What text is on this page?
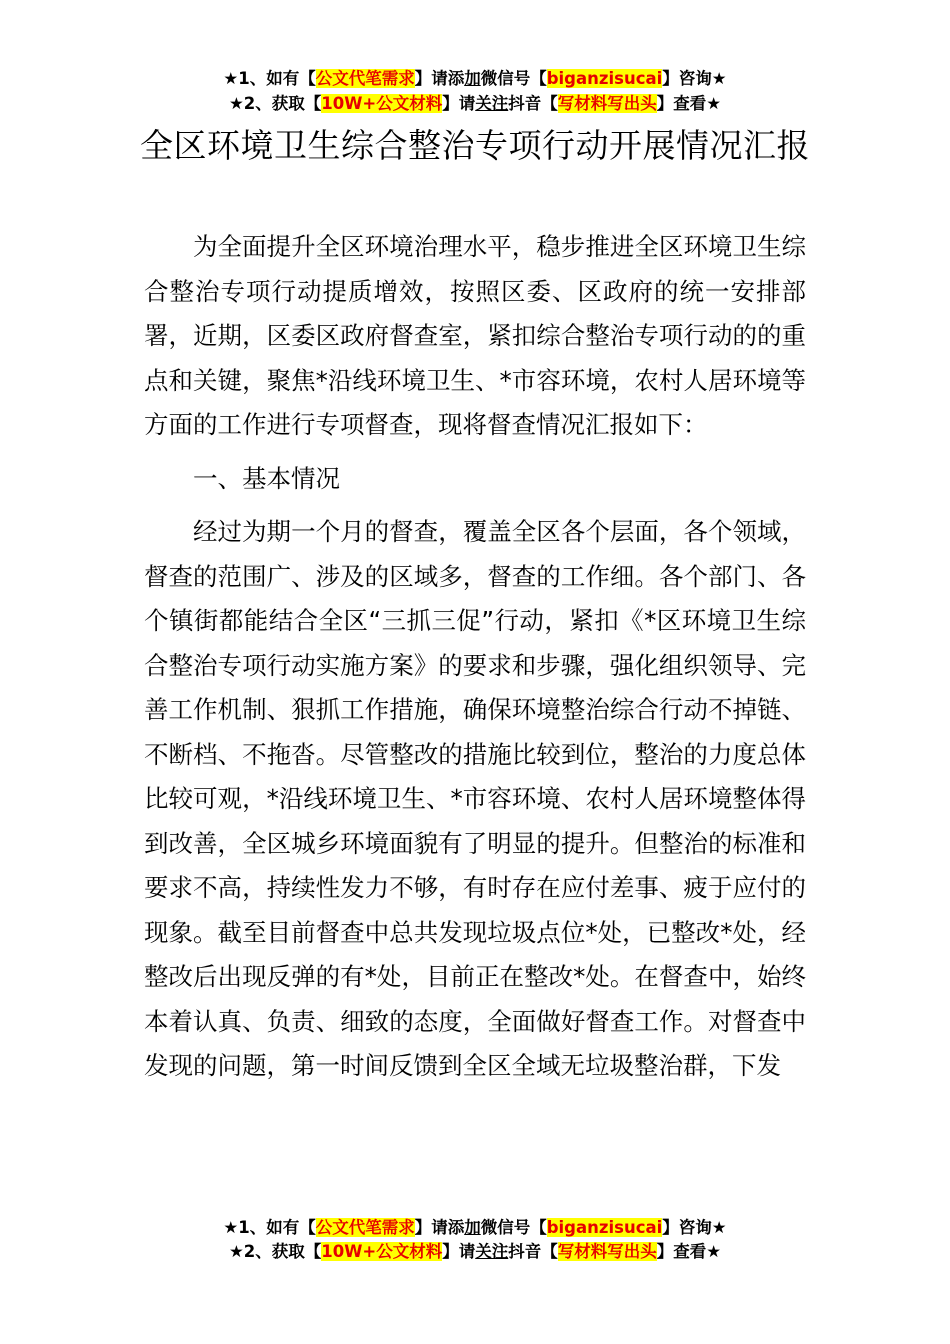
★1、如有【公文代笔需求】请添加微信号【biganzisucai】咨询★
★2、获取【10W+公文材料】请关注抖音【写材料写出头】查看★
全区环境卫生综合整治专项行动开展情况汇报

为全面提升全区环境治理水平，稳步推进全区环境卫生综合整治专项行动提质增效，按照区委、区政府的统一安排部署，近期，区委区政府督查室，紧扣综合整治专项行动的的重点和关键，聚焦*沿线环境卫生、*市容环境，农村人居环境等方面的工作进行专项督查，现将督查情况汇报如下：

一、基本情况

经过为期一个月的督查，覆盖全区各个层面，各个领域，督查的范围广、涉及的区域多，督查的工作细。各个部门、各个镇街都能结合全区“三抓三促”行动，紧扣《*区环境卫生综合整治专项行动实施方案》的要求和步骤，强化组织领导、完善工作机制、狠抓工作措施，确保环境整治综合行动不掉链、不断档、不拖沓。尽管整改的措施比较到位，整治的力度总体比较可观，*沿线环境卫生、*市容环境、农村人居环境整体得到改善，全区城乡环境面貌有了明显的提升。但整治的标准和要求不高，持续性发力不够，有时存在应付差事、疲于应付的现象。截至目前督查中总共发现垃圾点位*处，已整改*处，经整改后出现反弹的有*处，目前正在整改*处。在督查中，始终本着认真、负责、细致的态度，全面做好督查工作。对督查中发现的问题，第一时间反馈到全区全域无垃圾整治群，下发

★1、如有【公文代笔需求】请添加微信号【biganzisucai】咨询★
★2、获取【10W+公文材料】请关注抖音【写材料写出头】查看★
